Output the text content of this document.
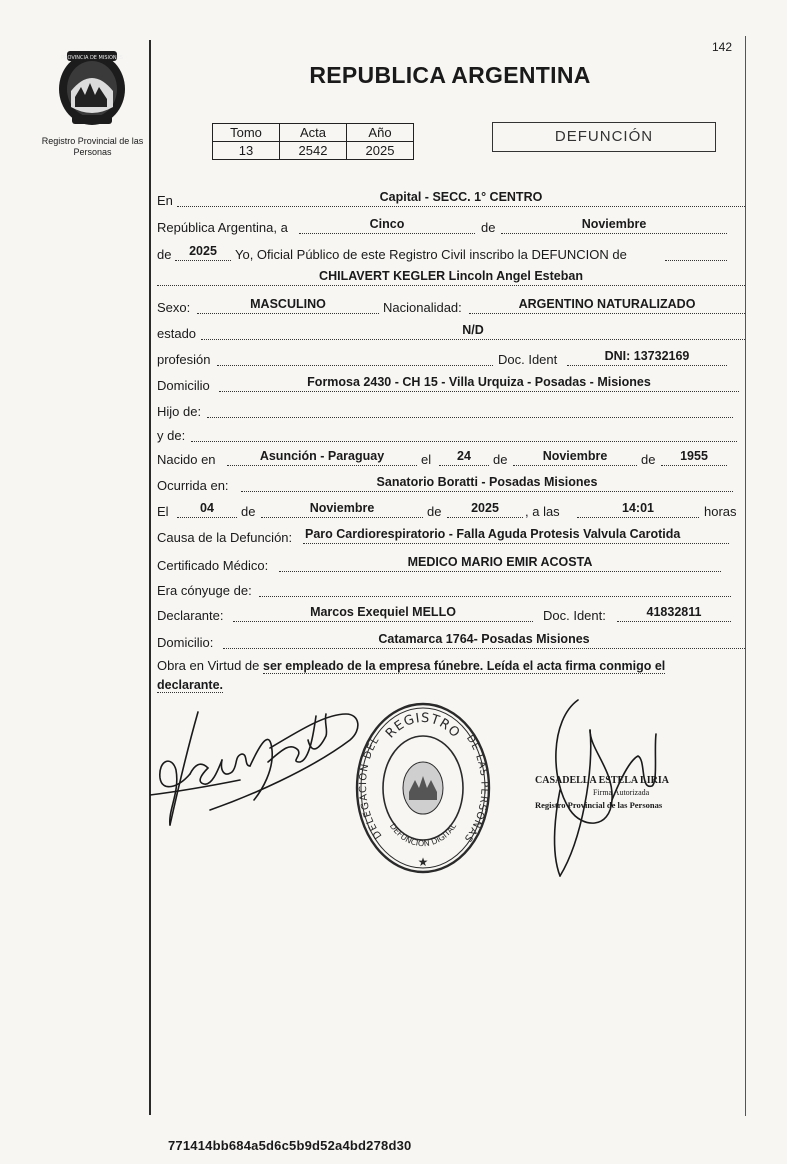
142
PROVINCIA DE MISIONES
Registro Provincial de las Personas
REPUBLICA ARGENTINA
Tomo	Acta	Año
13	2542	2025
DEFUNCIÓN
En	Capital - SECC. 1° CENTRO
República Argentina, a	Cinco	de	Noviembre
de	2025	Yo, Oficial Público de este Registro Civil inscribo la DEFUNCION de
CHILAVERT KEGLER Lincoln Angel Esteban
Sexo:	MASCULINO	Nacionalidad:	ARGENTINO NATURALIZADO
estado	N/D
profesión	Doc. Ident	DNI: 13732169
Domicilio	Formosa 2430 - CH 15 - Villa Urquiza - Posadas - Misiones
Hijo de:
y de:
Nacido en	Asunción - Paraguay	el	24	de	Noviembre	de	1955
Ocurrida en:	Sanatorio Boratti - Posadas Misiones
El	04	de	Noviembre	de	2025	, a las	14:01	horas
Causa de la Defunción: Paro Cardiorespiratorio - Falla Aguda Protesis Valvula Carotida
Certificado Médico:	MEDICO MARIO EMIR ACOSTA
Era cónyuge de:
Declarante:	Marcos Exequiel MELLO	Doc. Ident:	41832811
Domicilio:	Catamarca 1764- Posadas Misiones
Obra en Virtud de ser empleado de la empresa fúnebre. Leída el acta firma conmigo el
declarante.
REGISTRO
DELEGACIÓN DEL	DE LAS PERSONAS
DEFUNCION DIGITAL
★
CASADELLA ESTELA LIRIA
Firma Autorizada
Registro Provincial de las Personas
771414bb684a5d6c5b9d52a4bd278d30
